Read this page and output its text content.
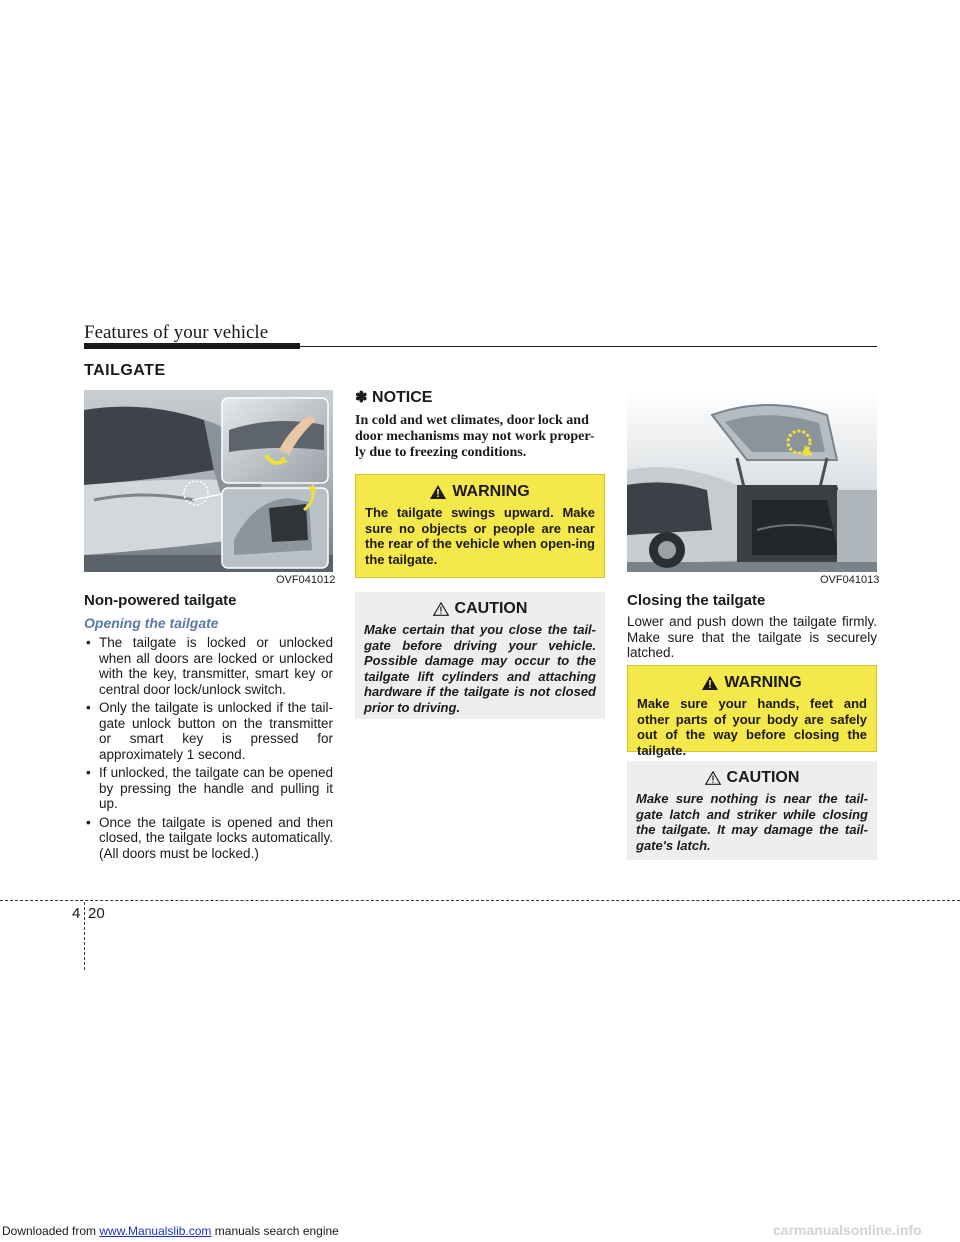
Features of your vehicle
TAILGATE
OVF041012
Non-powered tailgate
Opening the tailgate
• The tailgate is locked or unlocked when all doors are locked or unlocked with the key, transmitter, smart key or central door lock/unlock switch.
• Only the tailgate is unlocked if the tail-gate unlock button on the transmitter or smart key is pressed for approximately 1 second.
• If unlocked, the tailgate can be opened by pressing the handle and pulling it up.
• Once the tailgate is opened and then closed, the tailgate locks automatically. (All doors must be locked.)
✽ NOTICE
In cold and wet climates, door lock and door mechanisms may not work proper-ly due to freezing conditions.
WARNING
The tailgate swings upward. Make sure no objects or people are near the rear of the vehicle when open-ing the tailgate.
CAUTION
Make certain that you close the tail-gate before driving your vehicle. Possible damage may occur to the tailgate lift cylinders and attaching hardware if the tailgate is not closed prior to driving.
OVF041013
Closing the tailgate
Lower and push down the tailgate firmly. Make sure that the tailgate is securely latched.
WARNING
Make sure your hands, feet and other parts of your body are safely out of the way before closing the tailgate.
CAUTION
Make sure nothing is near the tail-gate latch and striker while closing the tailgate. It may damage the tail-gate's latch.
4 20
Downloaded from www.Manualslib.com manuals search engine	carmanualsonline.info
